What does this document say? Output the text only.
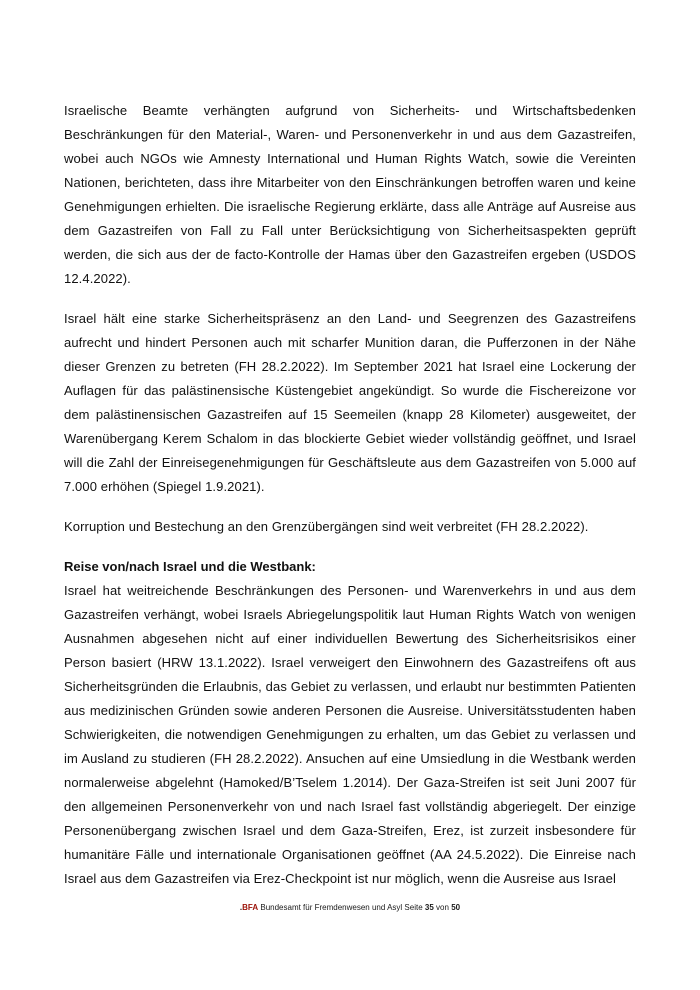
Israelische Beamte verhängten aufgrund von Sicherheits- und Wirtschaftsbedenken Beschränkungen für den Material-, Waren- und Personenverkehr in und aus dem Gazastreifen, wobei auch NGOs wie Amnesty International und Human Rights Watch, sowie die Vereinten Nationen, berichteten, dass ihre Mitarbeiter von den Einschränkungen betroffen waren und keine Genehmigungen erhielten. Die israelische Regierung erklärte, dass alle Anträge auf Ausreise aus dem Gazastreifen von Fall zu Fall unter Berücksichtigung von Sicherheitsaspekten geprüft werden, die sich aus der de facto-Kontrolle der Hamas über den Gazastreifen ergeben (USDOS 12.4.2022).

Israel hält eine starke Sicherheitspräsenz an den Land- und Seegrenzen des Gazastreifens aufrecht und hindert Personen auch mit scharfer Munition daran, die Pufferzonen in der Nähe dieser Grenzen zu betreten (FH 28.2.2022). Im September 2021 hat Israel eine Lockerung der Auflagen für das palästinensische Küstengebiet angekündigt. So wurde die Fischereizone vor dem palästinensischen Gazastreifen auf 15 Seemeilen (knapp 28 Kilometer) ausgeweitet, der Warenübergang Kerem Schalom in das blockierte Gebiet wieder vollständig geöffnet, und Israel will die Zahl der Einreisegenehmigungen für Geschäftsleute aus dem Gazastreifen von 5.000 auf 7.000 erhöhen (Spiegel 1.9.2021).

Korruption und Bestechung an den Grenzübergängen sind weit verbreitet (FH 28.2.2022).

Reise von/nach Israel und die Westbank:

Israel hat weitreichende Beschränkungen des Personen- und Warenverkehrs in und aus dem Gazastreifen verhängt, wobei Israels Abriegelungspolitik laut Human Rights Watch von wenigen Ausnahmen abgesehen nicht auf einer individuellen Bewertung des Sicherheitsrisikos einer Person basiert (HRW 13.1.2022). Israel verweigert den Einwohnern des Gazastreifens oft aus Sicherheitsgründen die Erlaubnis, das Gebiet zu verlassen, und erlaubt nur bestimmten Patienten aus medizinischen Gründen sowie anderen Personen die Ausreise. Universitätsstudenten haben Schwierigkeiten, die notwendigen Genehmigungen zu erhalten, um das Gebiet zu verlassen und im Ausland zu studieren (FH 28.2.2022). Ansuchen auf eine Umsiedlung in die Westbank werden normalerweise abgelehnt (Hamoked/B’Tselem 1.2014). Der Gaza-Streifen ist seit Juni 2007 für den allgemeinen Personenverkehr von und nach Israel fast vollständig abgeriegelt. Der einzige Personenübergang zwischen Israel und dem Gaza-Streifen, Erez, ist zurzeit insbesondere für humanitäre Fälle und internationale Organisationen geöffnet (AA 24.5.2022). Die Einreise nach Israel aus dem Gazastreifen via Erez-Checkpoint ist nur möglich, wenn die Ausreise aus Israel

.BFA Bundesamt für Fremdenwesen und Asyl Seite 35 von 50
